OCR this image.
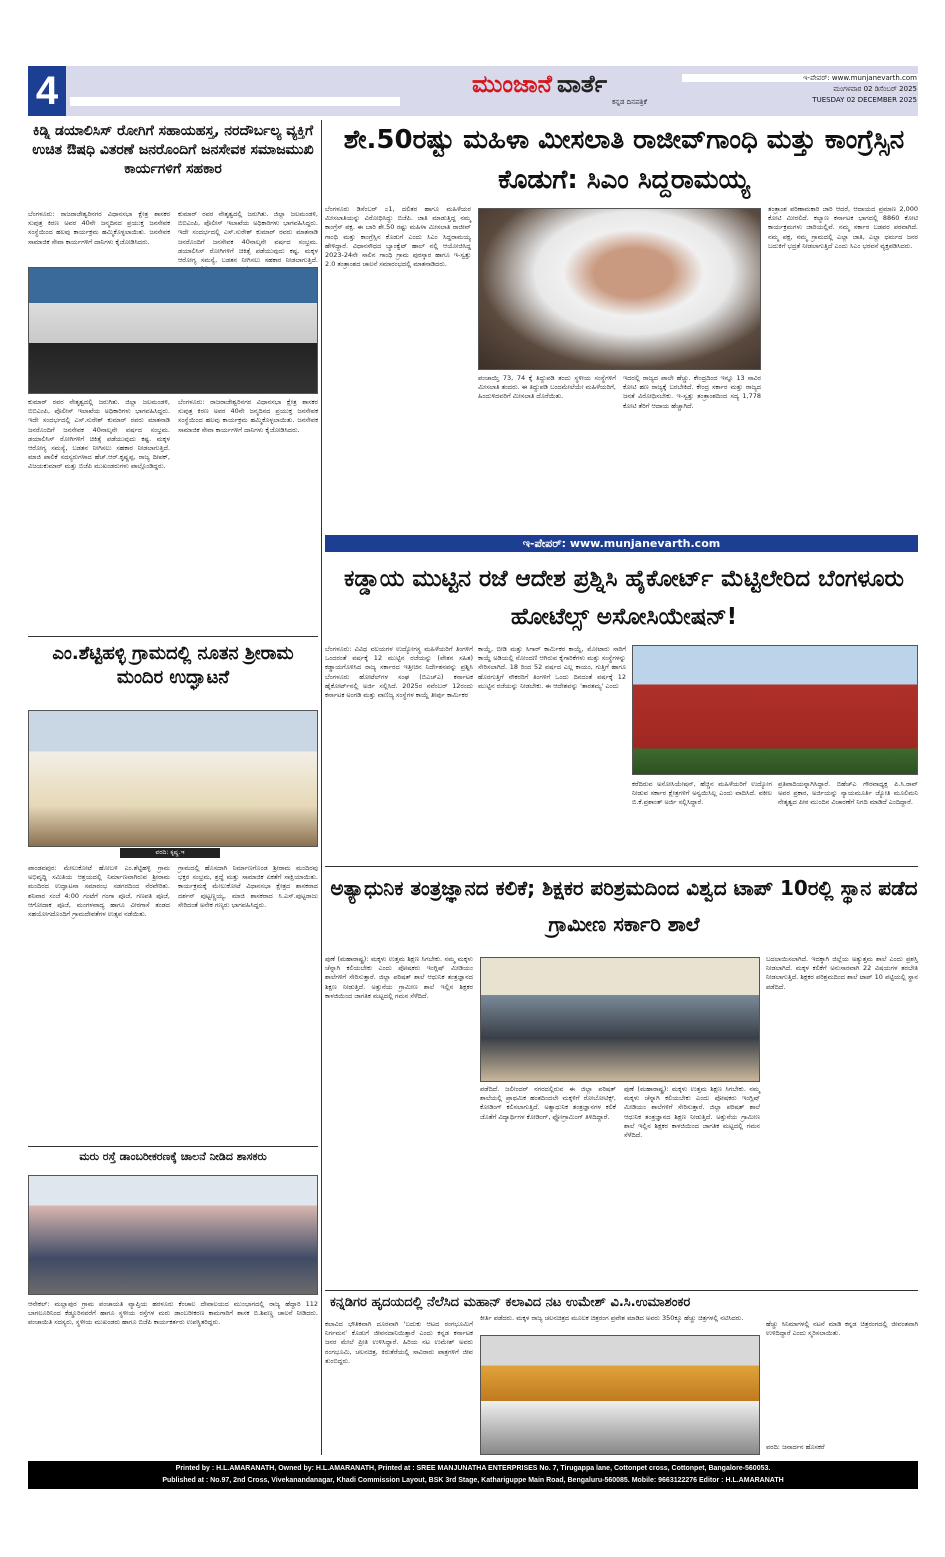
4	ಮುಂಜಾನೆ ವಾರ್ತೆ
ಕನ್ನಡ ದಿನಪತ್ರಿಕೆ
ಇ-ಪೇಪರ್: www.munjanevarth.com
ಮಂಗಳವಾರ 02 ಡಿಸೆಂಬರ್ 2025
TUESDAY 02 DECEMBER 2025
ಕಿಡ್ನಿ ಡಯಾಲಿಸಿಸ್ ರೋಗಿಗೆ ಸಹಾಯಹಸ್ತ, ನರದೌರ್ಬಲ್ಯ ವ್ಯಕ್ತಿಗೆ ಉಚಿತ ಔಷಧಿ ವಿತರಣೆ ಜನರೊಂದಿಗೆ ಜನಸೇವಕ ಸಮಾಜಮುಖಿ ಕಾರ್ಯಗಳಿಗೆ ಸಹಕಾರ
ಬೆಂಗಳೂರು: ರಾಜರಾಜೇಶ್ವರಿನಗರ ವಿಧಾನಸಭಾ ಕ್ಷೇತ್ರ ಶಾಸಕರ ಸುಪುತ್ರ ಕಿರಣ ಅವರ 40ನೇ ಜನ್ಮದಿನದ ಪ್ರಯುಕ್ತ ಜನಸೇವಕ ಸಂಸ್ಥೆಯಿಂದ ಹಲವು ಕಾರ್ಯಕ್ರಮ ಹಮ್ಮಿಕೊಳ್ಳಲಾಯಿತು. ಜನಸೇವಕ ಸಾಮಾಜಿಕ ಸೇವಾ ಕಾರ್ಯಗಳಿಗೆ ದಾನಿಗಳು ಕೈಜೋಡಿಸಿದರು.
ಕುಮಾರ್ ರವರ ನೇತೃತ್ವದಲ್ಲಿ ಜರುಗಿತು. ಜಿಲ್ಲಾ ಜಲಮಂಡಳಿ, ಬಿಬಿಎಂಪಿ, ಪೊಲೀಸ್ ಇಲಾಖೆಯ ಅಧಿಕಾರಿಗಳು ಭಾಗವಹಿಸಿದ್ದರು. ಇದೇ ಸಂದರ್ಭದಲ್ಲಿ ಎಸ್.ಸುರೇಶ್ ಕುಮಾರ್ ರವರು ಮಾತನಾಡಿ ಜನರೊಂದಿಗೆ ಜನಸೇವಕ 40ನಾಲ್ಕನೇ ವರ್ಷದ ಸಂಭ್ರಮ. ಡಯಾಲಿಸಿಸ್ ರೋಗಿಗಳಿಗೆ ಚಿಕಿತ್ಸೆ ಪಡೆಯುವುದು ಕಷ್ಟ. ಮಕ್ಕಳ ಆರೋಗ್ಯ ಸಮಸ್ಯೆ, ಬಡತನ ನೀಗಿಸಲು ಸಹಕಾರ ನೀಡಲಾಗುತ್ತಿದೆ.
ಕುಮಾರ್ ರವರ ನೇತೃತ್ವದಲ್ಲಿ ಜರುಗಿತು. ಜಿಲ್ಲಾ ಜಲಮಂಡಳಿ, ಬಿಬಿಎಂಪಿ, ಪೊಲೀಸ್ ಇಲಾಖೆಯ ಅಧಿಕಾರಿಗಳು ಭಾಗವಹಿಸಿದ್ದರು. ಇದೇ ಸಂದರ್ಭದಲ್ಲಿ ಎಸ್.ಸುರೇಶ್ ಕುಮಾರ್ ರವರು ಮಾತನಾಡಿ ಜನರೊಂದಿಗೆ ಜನಸೇವಕ 40ನಾಲ್ಕನೇ ವರ್ಷದ ಸಂಭ್ರಮ. ಡಯಾಲಿಸಿಸ್ ರೋಗಿಗಳಿಗೆ ಚಿಕಿತ್ಸೆ ಪಡೆಯುವುದು ಕಷ್ಟ. ಮಕ್ಕಳ ಆರೋಗ್ಯ ಸಮಸ್ಯೆ, ಬಡತನ ನೀಗಿಸಲು ಸಹಕಾರ ನೀಡಲಾಗುತ್ತಿದೆ. ಮಾಜಿ ಪಾಲಿಕೆ ಸದಸ್ಯರುಗಳಾದ ಹೆಚ್.ಆರ್.ಕೃಷ್ಣಪ್ಪ, ರಾಜ್ಯ ದೀಪಕ್, ವಿಜಯಕುಮಾರ್ ಮತ್ತು ಬಿಜೆಪಿ ಮುಖಂಡರುಗಳು ಪಾಲ್ಗೊಂಡಿದ್ದರು.
ಬೆಂಗಳೂರು: ರಾಜರಾಜೇಶ್ವರಿನಗರ ವಿಧಾನಸಭಾ ಕ್ಷೇತ್ರ ಶಾಸಕರ ಸುಪುತ್ರ ಕಿರಣ ಅವರ 40ನೇ ಜನ್ಮದಿನದ ಪ್ರಯುಕ್ತ ಜನಸೇವಕ ಸಂಸ್ಥೆಯಿಂದ ಹಲವು ಕಾರ್ಯಕ್ರಮ ಹಮ್ಮಿಕೊಳ್ಳಲಾಯಿತು. ಜನಸೇವಕ ಸಾಮಾಜಿಕ ಸೇವಾ ಕಾರ್ಯಗಳಿಗೆ ದಾನಿಗಳು ಕೈಜೋಡಿಸಿದರು.
ಎಂ.ಶೆಟ್ಟಿಹಳ್ಳಿ ಗ್ರಾಮದಲ್ಲಿ ನೂತನ ಶ್ರೀರಾಮ ಮಂದಿರ ಉದ್ಘಾಟನೆ
ವರದಿ: ಕೃಷ್ಣ.ಇ
ಪಾಂಡವಪುರ: ಮೇಲುಕೋಟೆ ಹೋಬಳಿ ಎಂ.ಶೆಟ್ಟಿಹಳ್ಳಿ ಗ್ರಾಮ ಅಭಿವೃದ್ಧಿ ಸಮಿತಿಯ ಆಶ್ರಯದಲ್ಲಿ ನಿರ್ಮಾಣವಾಗಿರುವ ಶ್ರೀರಾಮ ಮಂದಿರದ ಉದ್ಘಾಟನಾ ಸಮಾರಂಭ ಸಡಗರದಿಂದ ನೆರವೇರಿತು. ಶನಿವಾರ ಸಂಜೆ 4:00 ಗಂಟೆಗೆ ಗಂಗಾ ಪೂಜೆ, ಗಣಪತಿ ಪೂಜೆ, ಆಗೋದಾಕ ಪೂಜೆ, ಮಂಗಳವಾದ್ಯ ಹಾಗೂ ವೀರಗಾಸೆ ತಂಡದ ಸಹಯೋಗದೊಂದಿಗೆ ಗ್ರಾಮದೇವತೆಗಳ ಉತ್ಸವ ನಡೆಯಿತು.
ಗ್ರಾಮದಲ್ಲಿ ಹೊಸದಾಗಿ ನಿರ್ಮಾಣಗೊಂಡ ಶ್ರೀರಾಮ ಮಂದಿರವು ಭಕ್ತರ ಸಂಭ್ರಮ, ಶ್ರದ್ಧೆ ಮತ್ತು ಸಾಮಾಜಿಕ ಏಕತೆಗೆ ಸಾಕ್ಷಿಯಾಯಿತು. ಕಾರ್ಯಕ್ರಮಕ್ಕೆ ಮೇಲುಕೋಟೆ ವಿಧಾನಸಭಾ ಕ್ಷೇತ್ರದ ಶಾಸಕರಾದ ದರ್ಶನ್ ಪುಟ್ಟಣ್ಣಯ್ಯ, ಮಾಜಿ ಶಾಸಕರಾದ ಸಿ.ಎಸ್.ಪುಟ್ಟರಾಜು ಸೇರಿದಂತೆ ಅನೇಕ ಗಣ್ಯರು ಭಾಗವಹಿಸಿದ್ದರು.
ಮರು ರಸ್ತೆ ಡಾಂಬರೀಕರಣಕ್ಕೆ ಚಾಲನೆ ನೀಡಿದ ಶಾಸಕರು
ಆನೇಕಲ್: ಮಲ್ಲಾಪುರ ಗ್ರಾಮ ಪಂಚಾಯತಿ ವ್ಯಾಪ್ತಿಯ ಹರಳೂರು ಕೆಂಚಾಲ ದೇವಾಲಯದ ಮುಂಭಾಗದಲ್ಲಿ ರಾಜ್ಯ ಹೆದ್ದಾರಿ 112 ಬಾಗಲೂರಿನಿಂದ ಕೆಡ್ಡೂರಿನವರೆಗೆ ಹಾಗೂ ಸ್ಥಳೀಯ ರಸ್ತೆಗಳ ಮರು ಡಾಂಬರೀಕರಣ ಕಾಮಗಾರಿಗೆ ಶಾಸಕ ಬಿ.ಶಿವಣ್ಣ ಚಾಲನೆ ನೀಡಿದರು. ಪಂಚಾಯಿತಿ ಸದಸ್ಯರು, ಸ್ಥಳೀಯ ಮುಖಂಡರು ಹಾಗೂ ಬಿಜೆಪಿ ಕಾರ್ಯಕರ್ತರು ಉಪಸ್ಥಿತರಿದ್ದರು.
ಶೇ.50ರಷ್ಟು ಮಹಿಳಾ ಮೀಸಲಾತಿ ರಾಜೀವ್‌ಗಾಂಧಿ ಮತ್ತು ಕಾಂಗ್ರೆಸ್ಸಿನ ಕೊಡುಗೆ: ಸಿಎಂ ಸಿದ್ದರಾಮಯ್ಯ
ಬೆಂಗಳೂರು ಡಿಸೆಂಬರ್ ೦1, ದಲಿತರ ಹಾಗೂ ಮಹಿಳೆಯರ ಮೀಸಲಾತಿಯನ್ನು ವಿರೋಧಿಸಿದ್ದು ಬಿಜೆಪಿ. ಜಾತಿ ಮಾಡುತ್ತಿದ್ದ ನಮ್ಮ ಕಾಂಗ್ರೆಸ್ ಪಕ್ಷ. ಈ ಬಾರಿ ಶೇ.50 ರಷ್ಟು ಮಹಿಳಾ ಮೀಸಲಾತಿ ರಾಜೀವ್ ಗಾಂಧಿ ಮತ್ತು ಕಾಂಗ್ರೆಸ್ಸಿನ ಕೊಡುಗೆ ಎಂದು ಸಿಎಂ ಸಿದ್ದರಾಮಯ್ಯ ಹೇಳಿದ್ದಾರೆ. ವಿಧಾನಸೌಧದ ಬ್ಯಾಂಕ್ವೆಟ್ ಹಾಲ್ ನಲ್ಲಿ ಆಯೋಜಿಸಿದ್ದ 2023-24ನೇ ಸಾಲಿನ ಗಾಂಧಿ ಗ್ರಾಮ ಪುರಸ್ಕಾರ ಹಾಗೂ ಇ-ಸ್ವತ್ತು 2.0 ತಂತ್ರಾಂಶದ ಚಾಲನೆ ಸಮಾರಂಭದಲ್ಲಿ ಮಾತನಾಡಿದರು.
ಪಂಚಾಯ್ತಿ 73, 74 ಕ್ಕೆ ತಿದ್ದುಪಡಿ ತಂದು ಸ್ಥಳೀಯ ಸಂಸ್ಥೆಗಳಿಗೆ ಮೀಸಲಾತಿ ತಂದರು. ಈ ತಿದ್ದುಪಡಿ ಬಂದಮೇಲೆಯೇ ಮಹಿಳೆಯರಿಗೆ, ಹಿಂದುಳಿದವರಿಗೆ ಮೀಸಲಾತಿ ದೊರೆಯಿತು.
ಇದರಲ್ಲಿ ರಾಜ್ಯದ ಪಾಲೇ ಹೆಚ್ಚು. ಕೇಂದ್ರದಿಂದ ಇನ್ನೂ 13 ಸಾವಿರ ಕೋಟಿ ಹಣ ರಾಜ್ಯಕ್ಕೆ ಬರಬೇಕಿದೆ. ಕೇಂದ್ರ ಸರ್ಕಾರ ಮತ್ತು ರಾಜ್ಯದ ಜನತೆ ವಿರೋಧಿಸಬೇಕು. ಇ-ಸ್ವತ್ತು ತಂತ್ರಾಂಶದಿಂದ ಸದ್ಯ 1,778 ಕೋಟಿ ತೆರಿಗೆ ಆದಾಯ ಹೆಚ್ಚಾಗಿದೆ.
ತಂತ್ರಾಂಶ ಪರಿಣಾಮಕಾರಿ ಜಾರಿ ಆದರೆ, ಆದಾಯದ ಪ್ರಮಾಣ 2,000 ಕೋಟಿ ಮೀರಲಿದೆ. ಕಲ್ಯಾಣ ಕರ್ನಾಟಕ ಭಾಗದಲ್ಲಿ 8860 ಕೋಟಿ ಕಾರ್ಯಕ್ರಮಗಳು ಜಾರಿಯಲ್ಲಿವೆ. ನಮ್ಮ ಸರ್ಕಾರ ಬಡವರ ಪರವಾಗಿದೆ. ನಮ್ಮ ಪಕ್ಷ, ನಮ್ಮ ಗ್ರಾಮದಲ್ಲಿ ಎಲ್ಲಾ ಜಾತಿ, ಎಲ್ಲಾ ಧರ್ಮದ ಜನರ ಬದುಕಿಗೆ ಭದ್ರತೆ ನೀಡಲಾಗುತ್ತಿದೆ ಎಂದು ಸಿಎಂ ಭರವಸೆ ವ್ಯಕ್ತಪಡಿಸಿದರು.
ಇ-ಪೇಪರ್: www.munjanevarth.com
ಕಡ್ಡಾಯ ಮುಟ್ಟಿನ ರಜೆ ಆದೇಶ ಪ್ರಶ್ನಿಸಿ ಹೈಕೋರ್ಟ್ ಮೆಟ್ಟಿಲೇರಿದ ಬೆಂಗಳೂರು ಹೋಟೆಲ್ಸ್ ಅಸೋಸಿಯೇಷನ್!
ಬೆಂಗಳೂರು: ವಿವಿಧ ವಲಯಗಳ ಉದ್ಯೋಗಸ್ಥ ಮಹಿಳೆಯರಿಗೆ ತಿಂಗಳಿಗೆ ಒಂದರಂತೆ ವರ್ಷಕ್ಕೆ 12 ಮುಟ್ಟಿನ ರಜೆಯನ್ನು (ವೇತನ ಸಹಿತ) ಕಡ್ಡಾಯಗೊಳಿಸಿದ ರಾಜ್ಯ ಸರ್ಕಾರದ ಇತ್ತೀಚಿನ ನಿರ್ದೇಶನವನ್ನು ಪ್ರಶ್ನಿಸಿ ಬೆಂಗಳೂರು ಹೋಟೆಲ್‌ಗಳ ಸಂಘ (ಬಿಎಚ್‌ಎ) ಕರ್ನಾಟಕ ಹೈಕೋರ್ಟ್‌ನಲ್ಲಿ ಅರ್ಜಿ ಸಲ್ಲಿಸಿದೆ. 2025ರ ನವೆಂಬರ್ 12ರಂದು ಕರ್ನಾಟಕ ಅಂಗಡಿ ಮತ್ತು ವಾಣಿಜ್ಯ ಸಂಸ್ಥೆಗಳ ಕಾಯ್ದೆ ತೀರ್ಪು ಕಾರ್ಮಿಕರ
ಕಾಯ್ದೆ, ಬೀಡಿ ಮತ್ತು ಸಿಗಾರ್ ಕಾರ್ಮಿಕರ ಕಾಯ್ದೆ, ಮೋಟಾರು ಸಾರಿಗೆ ಕಾಯ್ದೆ ಅಡಿಯಲ್ಲಿ ನೋಂದಣಿ ಆಗಿರುವ ಕೈಗಾರಿಕೆಗಳು ಮತ್ತು ಸಂಸ್ಥೆಗಳನ್ನು ಸೇರಿಸಲಾಗಿದೆ. 18 ರಿಂದ 52 ವರ್ಷದ ಎಲ್ಲ ಕಾಯಂ, ಗುತ್ತಿಗೆ ಹಾಗೂ ಹೊರಗುತ್ತಿಗೆ ನೌಕರರಿಗೆ ತಿಂಗಳಿಗೆ ಒಂದು ದಿನದಂತೆ ವರ್ಷಕ್ಕೆ 12 ಮುಟ್ಟಿನ ರಜೆಯನ್ನು ನೀಡಬೇಕು. ಈ ಆದೇಶವನ್ನು 'ತಾರತಮ್ಯ' ಎಂದು
ಕರೆದಿರುವ ಅಸೋಸಿಯೇಷನ್, ಹೆಚ್ಚಿನ ಮಹಿಳೆಯರಿಗೆ ಉದ್ಯೋಗ ನೀಡುವ ಸರ್ಕಾರ ಕ್ಷೇತ್ರಗಳಿಗೆ ಅನ್ವಯಿಸಿಲ್ಲ ಎಂದು ವಾದಿಸಿದೆ. ವಕೀಲ ಬಿ.ಕೆ.ಪ್ರಶಾಂತ್ ಅರ್ಜಿ ಸಲ್ಲಿಸಿದ್ದಾರೆ.
ಪ್ರತಿವಾದಿಯನ್ನಾಗಿಸಿದ್ದಾರೆ. ಬಿಹೆಚ್‌ಎ ಗೌರವಾಧ್ಯಕ್ಷ ಪಿ.ಸಿ.ರಾವ್ ಅವರ ಪ್ರಕಾರ, ಅರ್ಜಿಯನ್ನು ನ್ಯಾಯಮೂರ್ತಿ ಜ್ಯೋತಿ ಮೂಲಿಮನಿ ನೇತೃತ್ವದ ಪೀಠ ಮುಂದಿನ ವಿಚಾರಣೆಗೆ ನಿಗದಿ ಮಾಡಿದೆ ಎಂದಿದ್ದಾರೆ.
ಅತ್ಯಾಧುನಿಕ ತಂತ್ರಜ್ಞಾನದ ಕಲಿಕೆ; ಶಿಕ್ಷಕರ ಪರಿಶ್ರಮದಿಂದ ವಿಶ್ವದ ಟಾಪ್ 10ರಲ್ಲಿ ಸ್ಥಾನ ಪಡೆದ ಗ್ರಾಮೀಣ ಸರ್ಕಾರಿ ಶಾಲೆ
ಪುಣೆ (ಮಹಾರಾಷ್ಟ್ರ): ಮಕ್ಕಳು ಉತ್ತಮ ಶಿಕ್ಷಣ ಸಿಗಬೇಕು. ನಮ್ಮ ಮಕ್ಕಳು ಚೆನ್ನಾಗಿ ಕಲಿಯಬೇಕು ಎಂದು ಪೋಷಕರು ಇಂಗ್ಲಿಷ್ ಮೀಡಿಯಂ ಶಾಲೆಗಳಿಗೆ ಸೇರಿಸುತ್ತಾರೆ. ಜಿಲ್ಲಾ ಪರಿಷತ್ ಶಾಲೆ ಆಧುನಿಕ ತಂತ್ರಜ್ಞಾನದ ಶಿಕ್ಷಣ ನೀಡುತ್ತಿದೆ. ಅತ್ತುನೆಯ ಗ್ರಾಮೀಣ ಶಾಲೆ ಇಲ್ಲಿನ ಶಿಕ್ಷಕರ ಕಾಳಜಿಯಿಂದ ಜಾಗತಿಕ ಮಟ್ಟದಲ್ಲಿ ಗಮನ ಸೆಳೆದಿದೆ.
ಪಡೆದಿದೆ. ಜಲೀಂದರ್ ನಗರದಲ್ಲಿರುವ ಈ ಜಿಲ್ಲಾ ಪರಿಷತ್ ಶಾಲೆಯಲ್ಲಿ ಪ್ರಾಥಮಿಕ ಹಂತದಿಂದಲೇ ಮಕ್ಕಳಿಗೆ ರೋಬೋಟಿಕ್ಸ್, ಕೋಡಿಂಗ್ ಕಲಿಸಲಾಗುತ್ತಿದೆ. ಅತ್ಯಾಧುನಿಕ ತಂತ್ರಜ್ಞಾನಗಳ ಕಲಿಕೆ ಜೊತೆಗೆ ವಿದ್ಯಾರ್ಥಿಗಳ ಕೋಡಿಂಗ್, ಫ್ಲೋಗ್ರಾಮಿಂಗ್ ತಿಳಿದಿದ್ದಾರೆ.
ಪುಣೆ (ಮಹಾರಾಷ್ಟ್ರ): ಮಕ್ಕಳು ಉತ್ತಮ ಶಿಕ್ಷಣ ಸಿಗಬೇಕು. ನಮ್ಮ ಮಕ್ಕಳು ಚೆನ್ನಾಗಿ ಕಲಿಯಬೇಕು ಎಂದು ಪೋಷಕರು ಇಂಗ್ಲಿಷ್ ಮೀಡಿಯಂ ಶಾಲೆಗಳಿಗೆ ಸೇರಿಸುತ್ತಾರೆ. ಜಿಲ್ಲಾ ಪರಿಷತ್ ಶಾಲೆ ಆಧುನಿಕ ತಂತ್ರಜ್ಞಾನದ ಶಿಕ್ಷಣ ನೀಡುತ್ತಿದೆ. ಅತ್ತುನೆಯ ಗ್ರಾಮೀಣ ಶಾಲೆ ಇಲ್ಲಿನ ಶಿಕ್ಷಕರ ಕಾಳಜಿಯಿಂದ ಜಾಗತಿಕ ಮಟ್ಟದಲ್ಲಿ ಗಮನ ಸೆಳೆದಿದೆ.
ಬದಲಾಯಿಸಲಾಗಿದೆ. ಇದಕ್ಕಾಗಿ ಜಿಲ್ಲೆಯ ಅತ್ಯುತ್ತಮ ಶಾಲೆ ಎಂದು ಪ್ರಶಸ್ತಿ ನೀಡಲಾಗಿದೆ. ಮಕ್ಕಳ ಕಲಿಕೆಗೆ ಅನುಸಾರವಾಗಿ 22 ವಿಷಯಗಳ ತರಬೇತಿ ನೀಡಲಾಗುತ್ತಿದೆ. ಶಿಕ್ಷಕರ ಪರಿಶ್ರಮದಿಂದ ಶಾಲೆ ಟಾಪ್ 10 ಪಟ್ಟಿಯಲ್ಲಿ ಸ್ಥಾನ ಪಡೆದಿದೆ.
ಕನ್ನಡಿಗರ ಹೃದಯದಲ್ಲಿ ನೆಲೆಸಿದ ಮಹಾನ್ ಕಲಾವಿದ ನಟ ಉಮೇಶ್ ವಿ.ಸಿ.ಉಮಾಶಂಕರ
ಕಲಾವಿದ ಭೌತಿಕವಾಗಿ ದೂರವಾಗಿ 'ಬದುಕು ಆಟದ ರಂಗಭೂಮಿಗೆ ನಿರ್ಗಮನ' ಕೊಡುಗೆ ಜೀವನದಾನಿಯಿತ್ತಾರೆ ಎಂದು ಕನ್ನಡ ಕರ್ನಾಟಕ ಜನರ ಮೇಲೆ ಪ್ರೀತಿ ಉಳಿಸಿದ್ದಾರೆ. ಹಿರಿಯ ನಟ ಉಮೇಶ್ ಅವರು ರಂಗಭೂಮಿ, ಚಲನಚಿತ್ರ, ಕಿರುತೆರೆಯಲ್ಲಿ ಸಾವಿರಾರು ಪಾತ್ರಗಳಿಗೆ ಜೀವ ತುಂಬಿದ್ದರು.
ಕೀರ್ತಿ ಪಡೆದರು. ಮಕ್ಕಳ ರಾಜ್ಯ ಚಲನಚಿತ್ರದ ಮೂಲಕ ಚಿತ್ರರಂಗ ಪ್ರವೇಶ ಮಾಡಿದ ಅವರು 350ಕ್ಕೂ ಹೆಚ್ಚು ಚಿತ್ರಗಳಲ್ಲಿ ನಟಿಸಿದರು.
ಹೆಚ್ಚು ಸಿನಿಮಾಗಳಲ್ಲಿ ನಟನೆ ಮಾಡಿ ಕನ್ನಡ ಚಿತ್ರರಂಗದಲ್ಲಿ ಜೀವಂತವಾಗಿ ಉಳಿದಿದ್ದಾರೆ ಎಂದು ಸ್ಮರಿಸಲಾಯಿತು.
ವರದಿ: ಜನಾರ್ದನ ಹೊಸಕರೆ
Printed by : H.L.AMARANATH, Owned by: H.L.AMARANATH, Printed at : SREE MANJUNATHA ENTERPRISES No. 7, Tirugappa lane, Cottonpet cross, Cottonpet, Bangalore-560053.
Published at : No.97, 2nd Cross, Vivekanandanagar, Khadi Commission Layout, BSK 3rd Stage, Kathariguppe Main Road, Bengaluru-560085. Mobile: 9663122276 Editor : H.L.AMARANATH
